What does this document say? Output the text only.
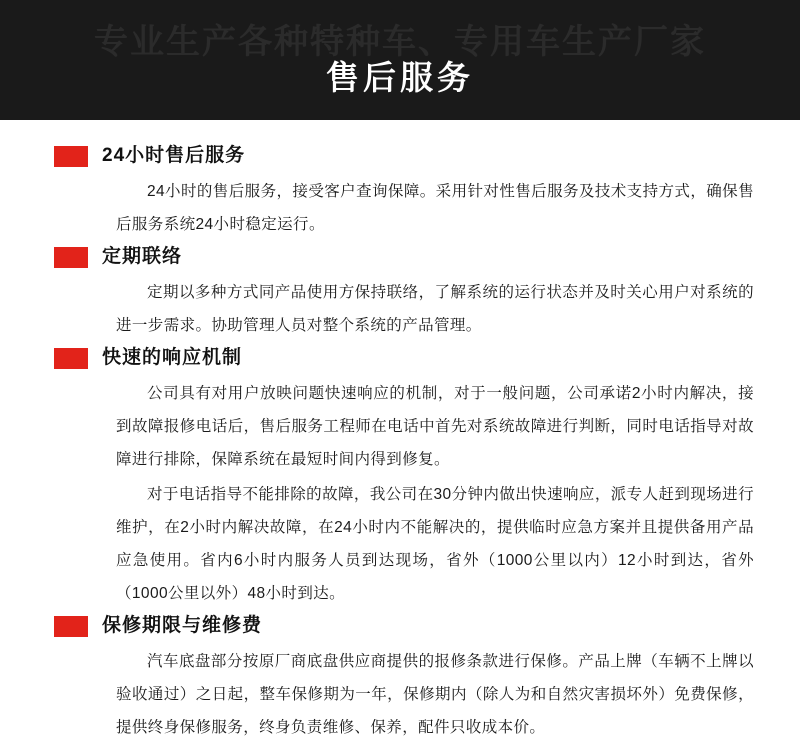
专业生产各种特种车、专用车生产厂家
售后服务
24小时售后服务

24小时的售后服务，接受客户查询保障。采用针对性售后服务及技术支持方式，确保售后服务系统24小时稳定运行。

定期联络

定期以多种方式同产品使用方保持联络，了解系统的运行状态并及时关心用户对系统的进一步需求。协助管理人员对整个系统的产品管理。

快速的响应机制

公司具有对用户放映问题快速响应的机制，对于一般问题，公司承诺2小时内解决，接到故障报修电话后，售后服务工程师在电话中首先对系统故障进行判断，同时电话指导对故障进行排除，保障系统在最短时间内得到修复。

对于电话指导不能排除的故障，我公司在30分钟内做出快速响应，派专人赶到现场进行维护，在2小时内解决故障，在24小时内不能解决的，提供临时应急方案并且提供备用产品应急使用。省内6小时内服务人员到达现场，省外（1000公里以内）12小时到达，省外（1000公里以外）48小时到达。

保修期限与维修费

汽车底盘部分按原厂商底盘供应商提供的报修条款进行保修。产品上牌（车辆不上牌以验收通过）之日起，整车保修期为一年，保修期内（除人为和自然灾害损坏外）免费保修，提供终身保修服务，终身负责维修、保养，配件只收成本价。
